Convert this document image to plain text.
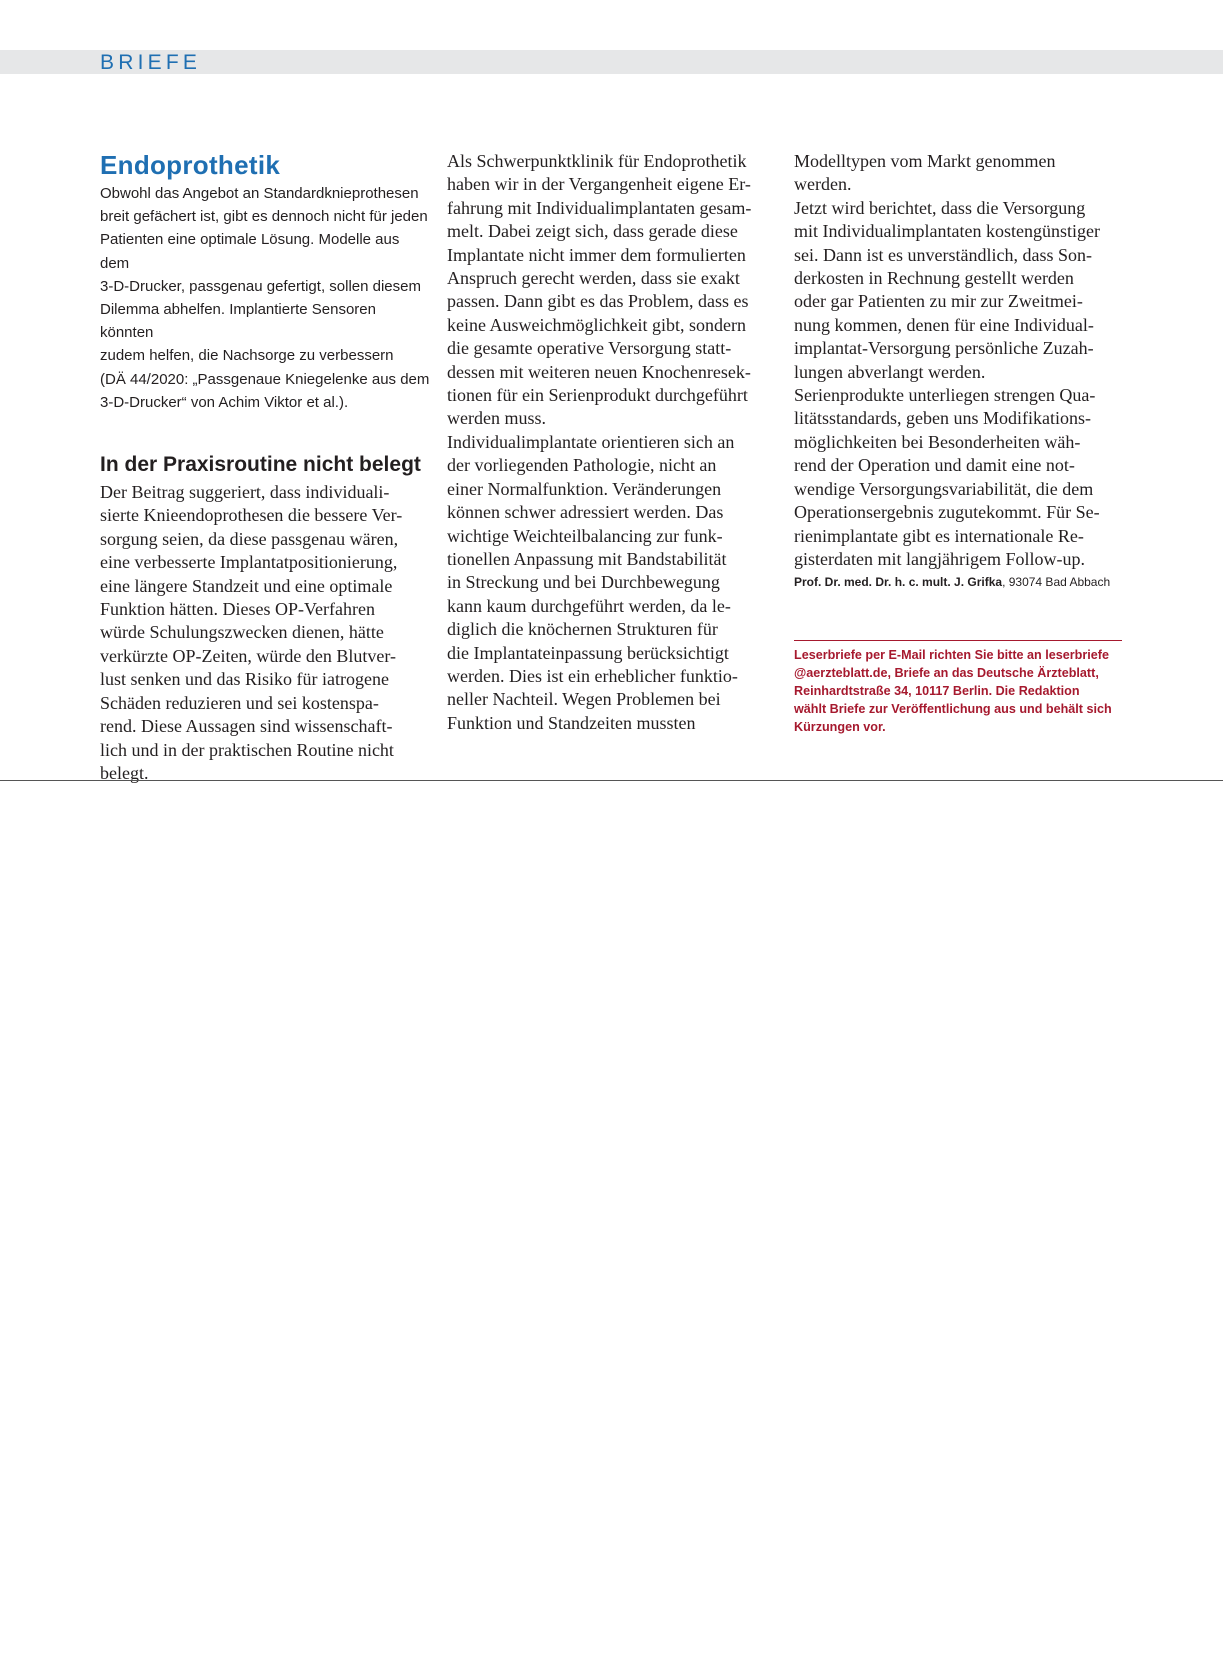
BRIEFE
Endoprothetik

Obwohl das Angebot an Standardknieprothesen
breit gefächert ist, gibt es dennoch nicht für jeden
Patienten eine optimale Lösung. Modelle aus dem
3-D-Drucker, passgenau gefertigt, sollen diesem
Dilemma abhelfen. Implantierte Sensoren könnten
zudem helfen, die Nachsorge zu verbessern
(DÄ 44/2020: „Passgenaue Kniegelenke aus dem
3-D-Drucker“ von Achim Viktor et al.).

In der Praxisroutine nicht belegt

Der Beitrag suggeriert, dass individuali-
sierte Knieendoprothesen die bessere Ver-
sorgung seien, da diese passgenau wären,
eine verbesserte Implantatpositionierung,
eine längere Standzeit und eine optimale
Funktion hätten. Dieses OP-Verfahren
würde Schulungszwecken dienen, hätte
verkürzte OP-Zeiten, würde den Blutver-
lust senken und das Risiko für iatrogene
Schäden reduzieren und sei kostenspa-
rend. Diese Aussagen sind wissenschaft-
lich und in der praktischen Routine nicht
belegt.

Als Schwerpunktklinik für Endoprothetik
haben wir in der Vergangenheit eigene Er-
fahrung mit Individualimplantaten gesam-
melt. Dabei zeigt sich, dass gerade diese
Implantate nicht immer dem formulierten
Anspruch gerecht werden, dass sie exakt
passen. Dann gibt es das Problem, dass es
keine Ausweichmöglichkeit gibt, sondern
die gesamte operative Versorgung statt-
dessen mit weiteren neuen Knochenresek-
tionen für ein Serienprodukt durchgeführt
werden muss.
Individualimplantate orientieren sich an
der vorliegenden Pathologie, nicht an
einer Normalfunktion. Veränderungen
können schwer adressiert werden. Das
wichtige Weichteilbalancing zur funk-
tionellen Anpassung mit Bandstabilität
in Streckung und bei Durchbewegung
kann kaum durchgeführt werden, da le-
diglich die knöchernen Strukturen für
die Implantateinpassung berücksichtigt
werden. Dies ist ein erheblicher funktio-
neller Nachteil. Wegen Problemen bei
Funktion und Standzeiten mussten

Modelltypen vom Markt genommen
werden.
Jetzt wird berichtet, dass die Versorgung
mit Individualimplantaten kostengünstiger
sei. Dann ist es unverständlich, dass Son-
derkosten in Rechnung gestellt werden
oder gar Patienten zu mir zur Zweitmei-
nung kommen, denen für eine Individual-
implantat-Versorgung persönliche Zuzah-
lungen abverlangt werden.
Serienprodukte unterliegen strengen Qua-
litätsstandards, geben uns Modifikations-
möglichkeiten bei Besonderheiten wäh-
rend der Operation und damit eine not-
wendige Versorgungsvariabilität, die dem
Operationsergebnis zugutekommt. Für Se-
rienimplantate gibt es internationale Re-
gisterdaten mit langjährigem Follow-up.

Prof. Dr. med. Dr. h. c. mult. J. Grifka, 93074 Bad Abbach

Leserbriefe per E-Mail richten Sie bitte an leserbriefe
@aerzteblatt.de, Briefe an das Deutsche Ärzteblatt,
Reinhardtstraße 34, 10117 Berlin. Die Redaktion
wählt Briefe zur Veröffentlichung aus und behält sich
Kürzungen vor.
